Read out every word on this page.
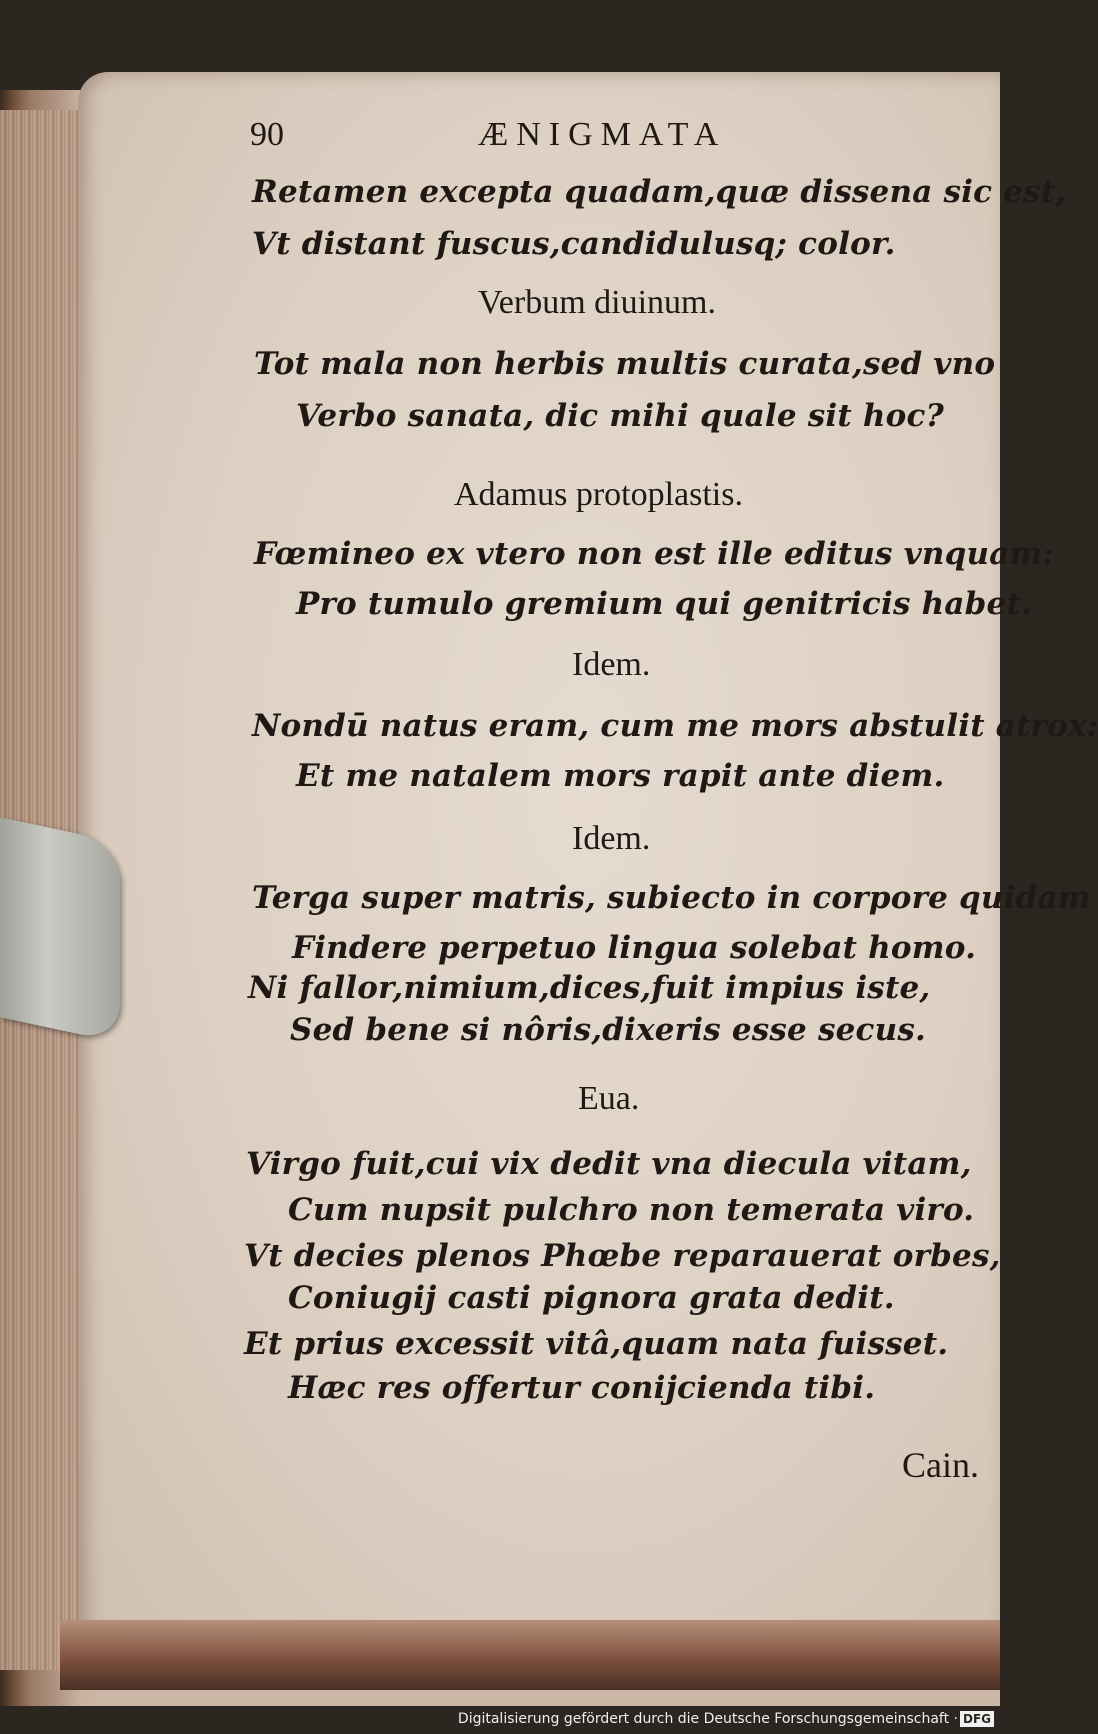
90	ÆNIGMATA
Retamen excepta quadam,quæ dissena sic est,
Vt distant fuscus,candidulusq; color.
Verbum diuinum.
Tot mala non herbis multis curata,sed vno
Verbo sanata, dic mihi quale sit hoc?
Adamus protoplastis.
Fœmineo ex vtero non est ille editus vnquam:
Pro tumulo gremium qui genitricis habet.
Idem.
Nondū natus eram, cum me mors abstulit atrox:
Et me natalem mors rapit ante diem.
Idem.
Terga super matris, subiecto in corpore quidam
Findere perpetuo lingua solebat homo.
Ni fallor,nimium,dices,fuit impius iste,
Sed bene si nôris,dixeris esse secus.
Eua.
Virgo fuit,cui vix dedit vna diecula vitam,
Cum nupsit pulchro non temerata viro.
Vt decies plenos Phœbe reparauerat orbes,
Coniugij casti pignora grata dedit.
Et prius excessit vitâ,quam nata fuisset.
Hæc res offertur conijcienda tibi.
Cain.
Digitalisierung gefördert durch die Deutsche Forschungsgemeinschaft · DFG
